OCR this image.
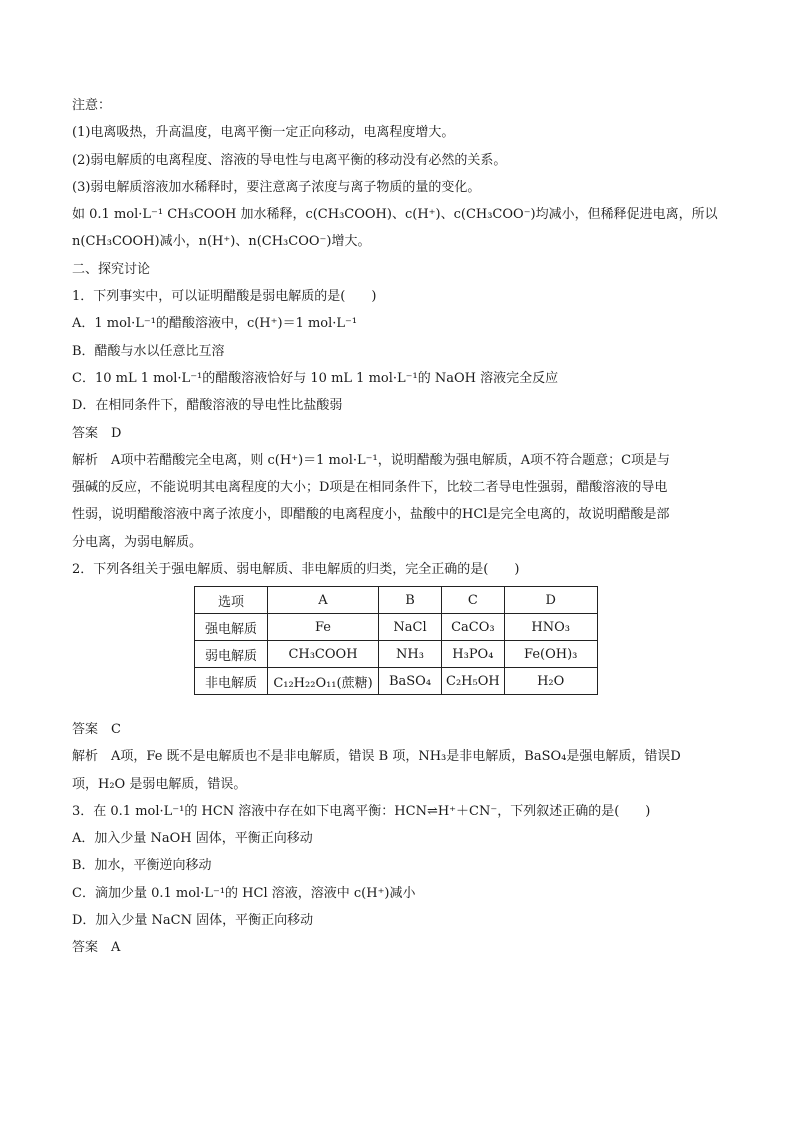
注意：
(1)电离吸热，升高温度，电离平衡一定正向移动，电离程度增大。
(2)弱电解质的电离程度、溶液的导电性与电离平衡的移动没有必然的关系。
(3)弱电解质溶液加水稀释时，要注意离子浓度与离子物质的量的变化。
如 0.1 mol·L⁻¹ CH₃COOH 加水稀释，c(CH₃COOH)、c(H⁺)、c(CH₃COO⁻)均减小，但稀释促进电离，所以
n(CH₃COOH)减小，n(H⁺)、n(CH₃COO⁻)增大。
二、探究讨论
1．下列事实中，可以证明醋酸是弱电解质的是(　　)
A．1 mol·L⁻¹的醋酸溶液中，c(H⁺)＝1 mol·L⁻¹
B．醋酸与水以任意比互溶
C．10 mL 1 mol·L⁻¹的醋酸溶液恰好与 10 mL 1 mol·L⁻¹的 NaOH 溶液完全反应
D．在相同条件下，醋酸溶液的导电性比盐酸弱
答案　D
解析　A项中若醋酸完全电离，则 c(H⁺)＝1 mol·L⁻¹，说明醋酸为强电解质，A项不符合题意；C项是与
强碱的反应，不能说明其电离程度的大小；D项是在相同条件下，比较二者导电性强弱，醋酸溶液的导电
性弱，说明醋酸溶液中离子浓度小，即醋酸的电离程度小，盐酸中的HCl是完全电离的，故说明醋酸是部
分电离，为弱电解质。
2．下列各组关于强电解质、弱电解质、非电解质的归类，完全正确的是(　　)
选项	A	B	C	D
强电解质	Fe	NaCl	CaCO₃	HNO₃
弱电解质	CH₃COOH	NH₃	H₃PO₄	Fe(OH)₃
非电解质	C₁₂H₂₂O₁₁(蔗糖)	BaSO₄	C₂H₅OH	H₂O
答案　C
解析　A项，Fe 既不是电解质也不是非电解质，错误 B 项，NH₃是非电解质，BaSO₄是强电解质，错误D
项，H₂O 是弱电解质，错误。
3．在 0.1 mol·L⁻¹的 HCN 溶液中存在如下电离平衡：HCN⇌H⁺＋CN⁻，下列叙述正确的是(　　)
A．加入少量 NaOH 固体，平衡正向移动
B．加水，平衡逆向移动
C．滴加少量 0.1 mol·L⁻¹的 HCl 溶液，溶液中 c(H⁺)减小
D．加入少量 NaCN 固体，平衡正向移动
答案　A
